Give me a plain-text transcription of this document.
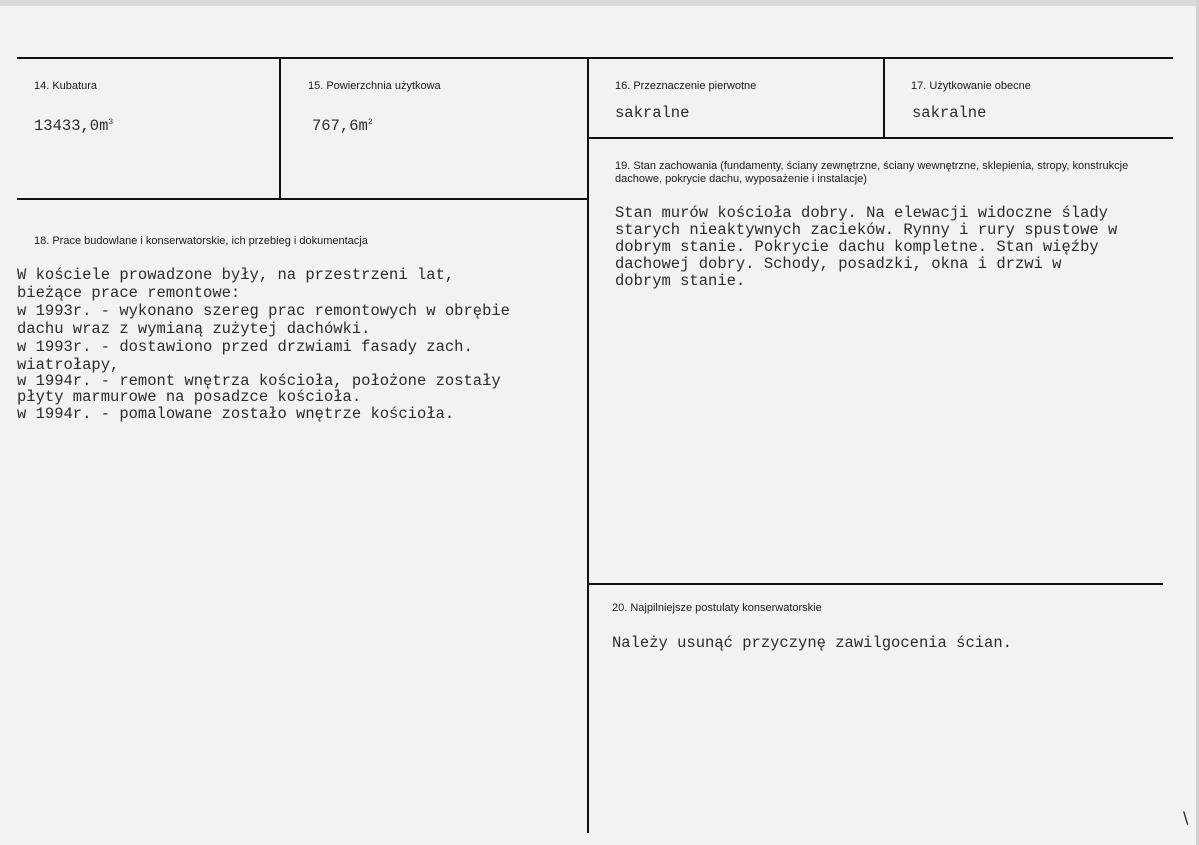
14. Kubatura
$13433,0m^3$
15. Powierzchnia użytkowa
$767,6m^2$
16. Przeznaczenie pierwotne
sakralne
17. Użytkowanie obecne
sakralne
18. Prace budowlane i konserwatorskie, ich przebieg i dokumentacja
W kościele prowadzone były, na przestrzeni lat,
bieżące prace remontowe:
w 1993r. - wykonano szereg prac remontowych w obrębie
dachu wraz z wymianą zużytej dachówki.
w 1993r. - dostawiono przed drzwiami fasady zach.
wiatrołapy,
w 1994r. - remont wnętrza kościoła, położone zostały
płyty marmurowe na posadzce kościoła.
w 1994r. - pomalowane zostało wnętrze kościoła.
19. Stan zachowania (fundamenty, ściany zewnętrzne, ściany wewnętrzne, sklepienia, stropy, konstrukcje dachowe, pokrycie dachu, wyposażenie i instalacje)
Stan murów kościoła dobry. Na elewacji widoczne ślady
starych nieaktywnych zacieków. Rynny i rury spustowe w
dobrym stanie. Pokrycie dachu kompletne. Stan więźby
dachowej dobry. Schody, posadzki, okna i drzwi w
dobrym stanie.
20. Najpilniejsze postulaty konserwatorskie
Należy usunąć przyczynę zawilgocenia ścian.
\
